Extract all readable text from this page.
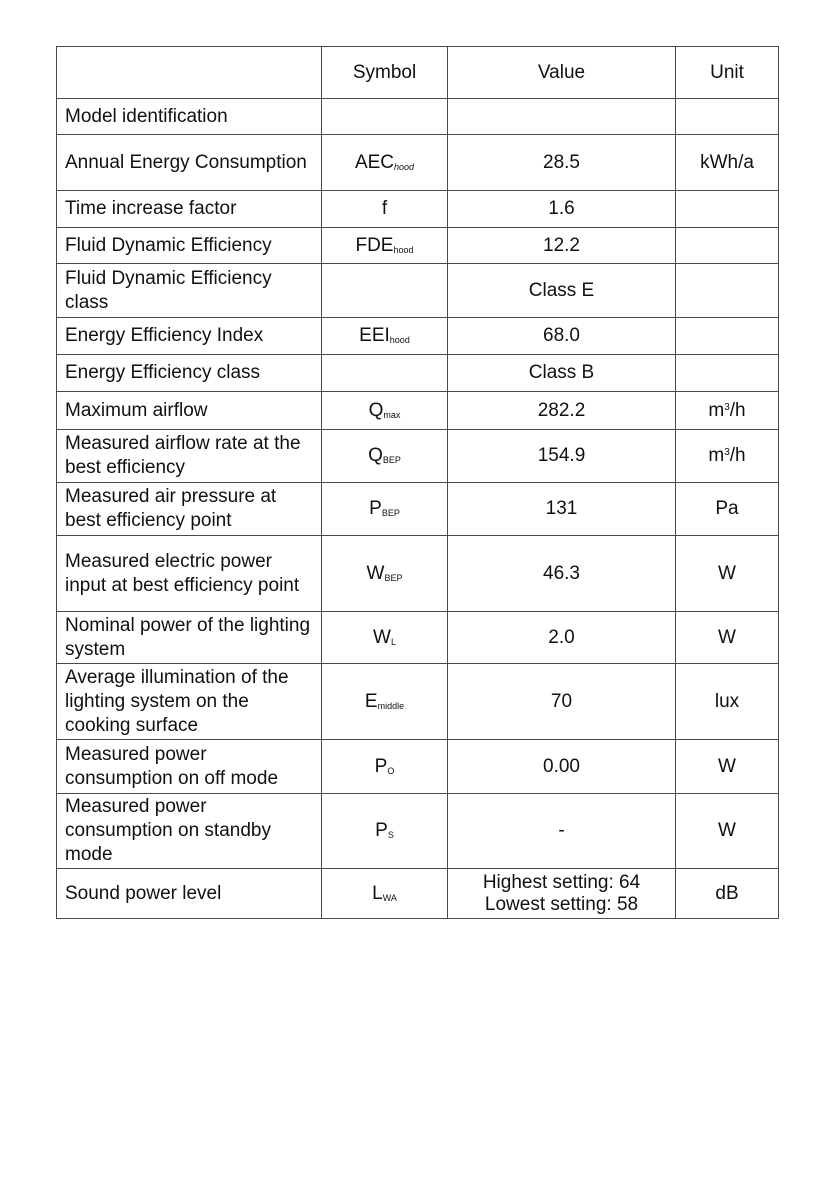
	Symbol	Value	Unit
Model identification			
Annual Energy Consumption	$AEC_{hood}$	28.5	kWh/a
Time increase factor	f	1.6	
Fluid Dynamic Efficiency	$FDE_{hood}$	12.2	
Fluid Dynamic Efficiency class		Class E	
Energy Efficiency Index	$EEI_{hood}$	68.0	
Energy Efficiency class		Class B	
Maximum airflow	$Q_{max}$	282.2	$m^3/h$
Measured airflow rate at the best efficiency	$Q_{BEP}$	154.9	$m^3/h$
Measured air pressure at best efficiency point	$P_{BEP}$	131	Pa
Measured electric power input at best efficiency point	$W_{BEP}$	46.3	W
Nominal power of the lighting system	$W_L$	2.0	W
Average illumination of the lighting system on the cooking surface	$E_{middle}$	70	lux
Measured power consumption on off mode	$P_O$	0.00	W
Measured power consumption on standby mode	$P_S$	-	W
Sound power level	$L_{WA}$	Highest setting: 64
Lowest setting: 58	dB
